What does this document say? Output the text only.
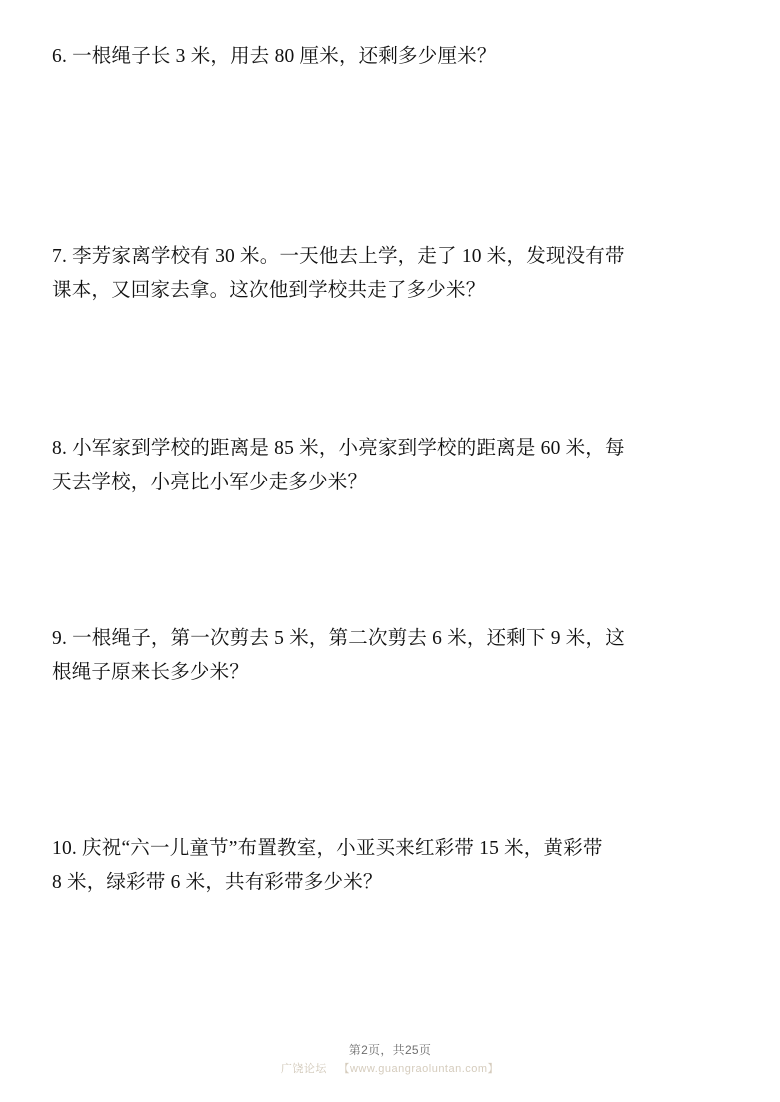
6. 一根绳子长 3 米，用去 80 厘米，还剩多少厘米？
7. 李芳家离学校有 30 米。一天他去上学，走了 10 米，发现没有带
课本，又回家去拿。这次他到学校共走了多少米？
8. 小军家到学校的距离是 85 米，小亮家到学校的距离是 60 米，每
天去学校，小亮比小军少走多少米？
9. 一根绳子，第一次剪去 5 米，第二次剪去 6 米，还剩下 9 米，这
根绳子原来长多少米？
10. 庆祝“六一儿童节”布置教室，小亚买来红彩带 15 米，黄彩带
8 米，绿彩带 6 米，共有彩带多少米？
第2页，共25页
广饶论坛 【www.guangraoluntan.com】
